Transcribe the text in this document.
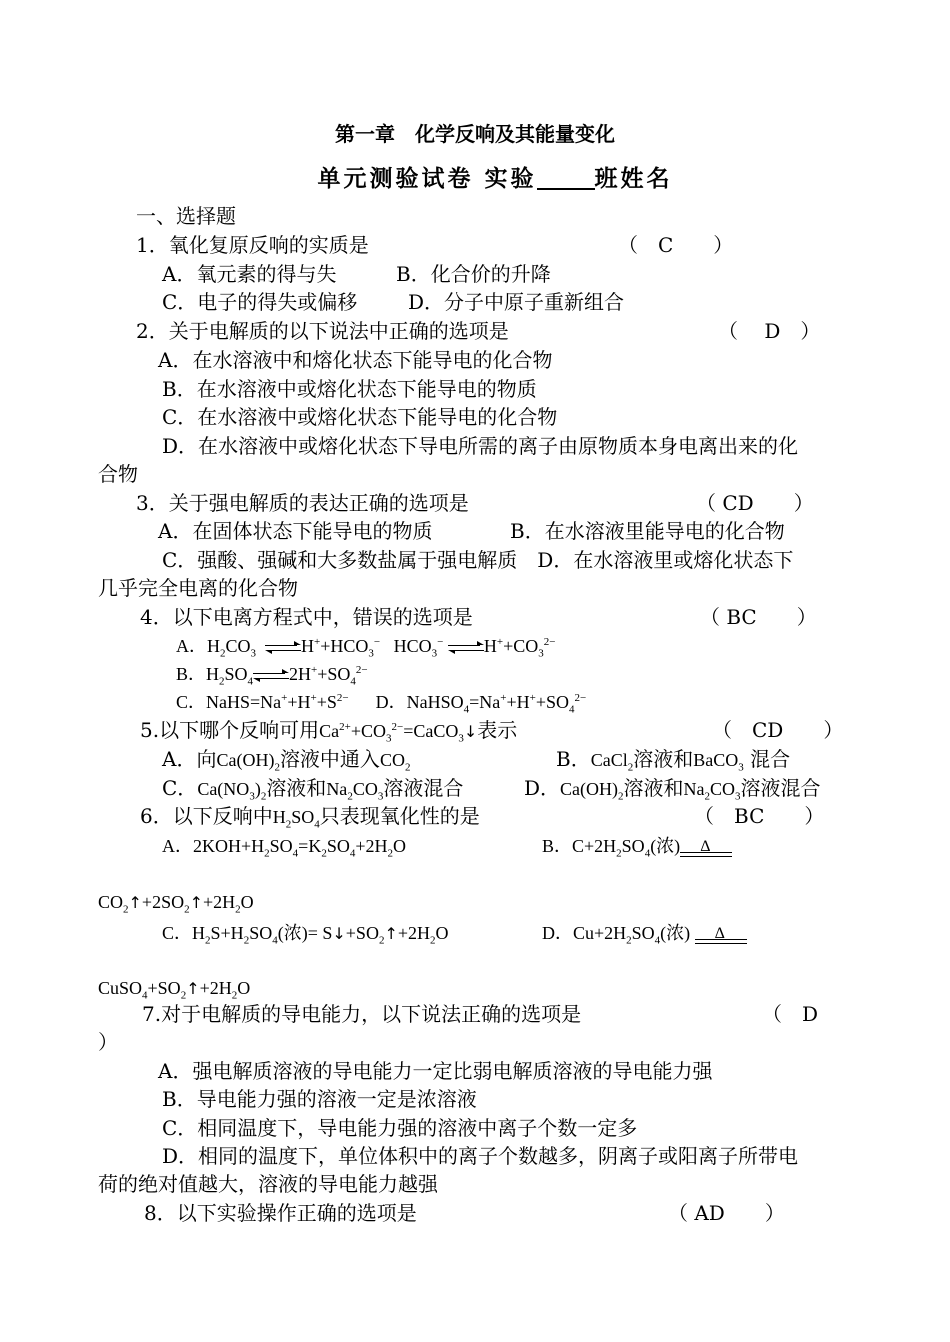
第一章　化学反响及其能量变化
单元测验试卷 实验	班姓名
一、选择题
1．氧化复原反响的实质是	（　C　　）
A．氧元素的得与失	B．化合价的升降
C．电子的得失或偏移	D．分子中原子重新组合
2．关于电解质的以下说法中正确的选项是	（　 D　）
A．在水溶液中和熔化状态下能导电的化合物
B．在水溶液中或熔化状态下能导电的物质
C．在水溶液中或熔化状态下能导电的化合物
D．在水溶液中或熔化状态下导电所需的离子由原物质本身电离出来的化
合物
3．关于强电解质的表达正确的选项是	（ CD　　）
A．在固体状态下能导电的物质	B．在水溶液里能导电的化合物
C．强酸、强碱和大多数盐属于强电解质　D．在水溶液里或熔化状态下
几乎完全电离的化合物
4．以下电离方程式中，错误的选项是	（ BC　　）
A．$H_2CO_3$	$H^++HCO_3^-$   $HCO_3^-$ $H^++CO_3^{2-}$
B．$H_2SO_4$ $2H^++SO_4^{2-}$
C．$NaHS=Na^++H^++S^{2-}$      D．$NaHSO_4=Na^++H^++SO_4^{2-}$
5.以下哪个反响可用$Ca^{2+}+CO_3^{2-}=CaCO_3↓$表示	（　CD　　）
A．向$Ca(OH)_2$溶液中通入$CO_2$	B．CaCl$_2$溶液和BaCO$_3$ 混合
C．$Ca(NO_3)_2$溶液和$Na_2CO_3$溶液混合	D．$Ca(OH)_2$溶液和$Na_2CO_3$溶液混合
6．以下反响中$H_2SO_4$只表现氧化性的是	（　BC　　）
A．$2KOH+H_2SO_4=K_2SO_4+2H_2O$	B．$C+2H_2SO_4$(浓) Δ
$CO_2↑+2SO_2↑+2H_2O$
C．$H_2S+H_2SO_4$(浓)= $S↓+SO_2↑+2H_2O$	D．$Cu+2H_2SO_4$(浓) Δ
$CuSO_4+SO_2↑+2H_2O$
7.对于电解质的导电能力，以下说法正确的选项是	（　D
）
A．强电解质溶液的导电能力一定比弱电解质溶液的导电能力强
B．导电能力强的溶液一定是浓溶液
C．相同温度下，导电能力强的溶液中离子个数一定多
D．相同的温度下，单位体积中的离子个数越多，阴离子或阳离子所带电
荷的绝对值越大，溶液的导电能力越强
8．以下实验操作正确的选项是	（ AD　　）
